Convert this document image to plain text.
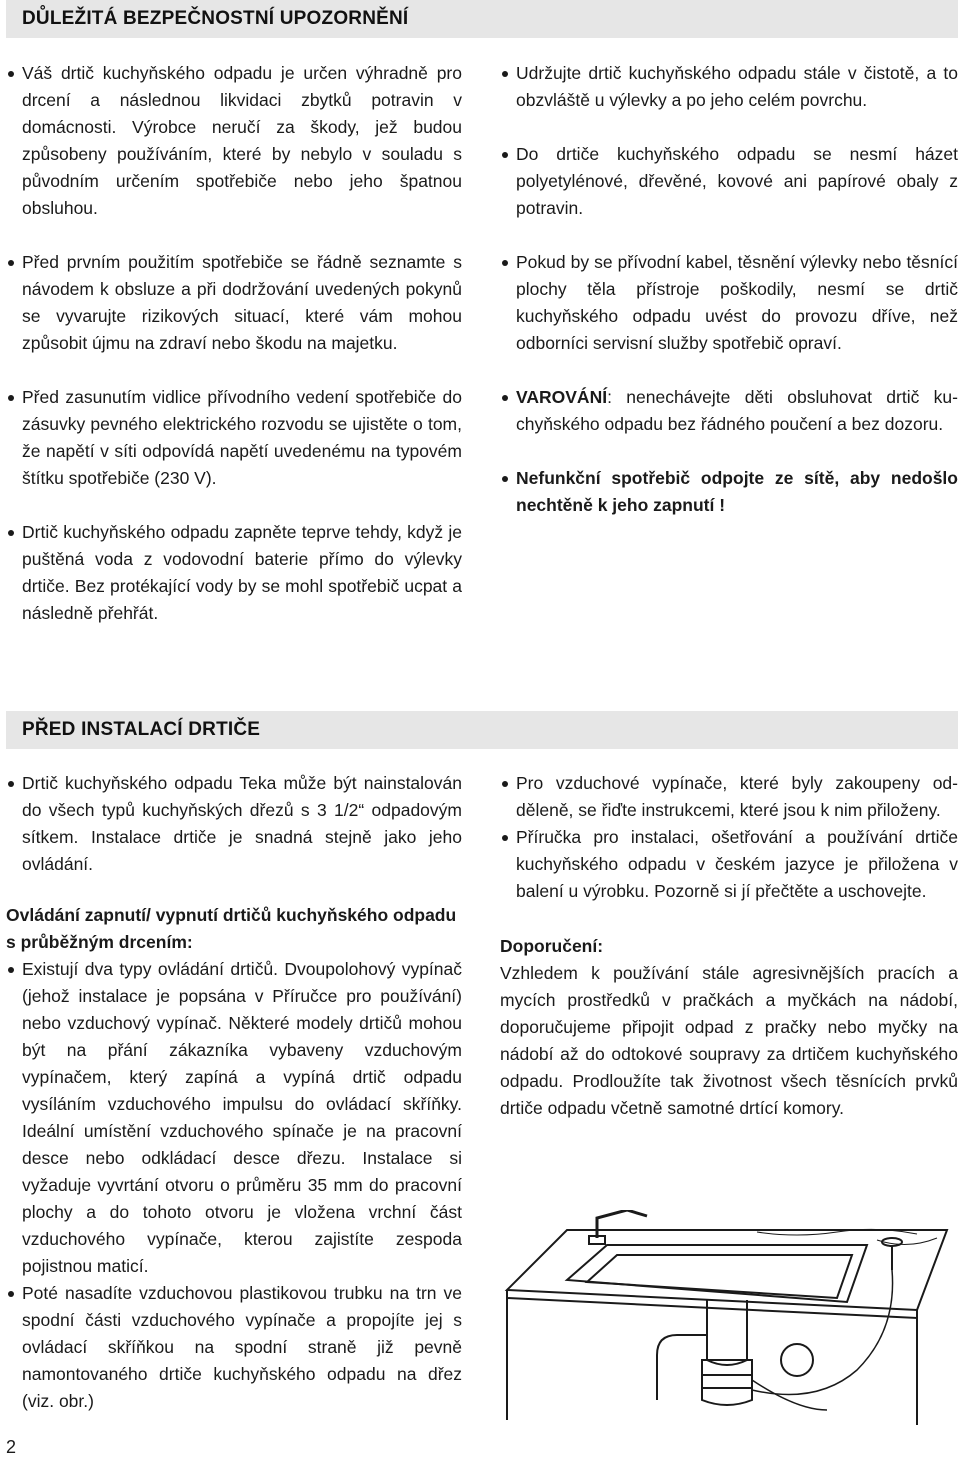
DŮLEŽITÁ BEZPEČNOSTNÍ UPOZORNĚNÍ
Váš drtič kuchyňského odpadu je určen výhradně pro drcení a následnou likvidaci zbytků potravin v domácnosti. Výrobce neručí za škody, jež budou způsobeny používáním, které by nebylo v souladu s původním určením spotřebiče nebo jeho špatnou obsluhou.
Před prvním použitím spotřebiče se řádně seznamte s návodem k obsluze a při dodržování uvedených pokynů se vyvarujte rizikových situací, které vám mohou způsobit újmu na zdraví nebo škodu na majetku.
Před zasunutím vidlice přívodního vedení spotřebiče do zásuvky pevného elektrického rozvodu se ujistěte o tom, že napětí v síti odpovídá napětí uvedenému na typovém štítku spotřebiče (230 V).
Drtič kuchyňského odpadu zapněte teprve tehdy, když je puštěná voda z vodovodní baterie přímo do výlevky drtiče. Bez protékající vody by se mohl spotřebič ucpat a následně přehřát.
Udržujte drtič kuchyňského odpadu stále v čistotě, a to obzvláště u výlevky a po jeho celém povrchu.
Do drtiče kuchyňského odpadu se nesmí házet polyetylénové, dřevěné, kovové ani papírové obaly z potravin.
Pokud by se přívodní kabel, těsnění výlevky nebo těsnící plochy těla přístroje poškodily, nesmí se drtič kuchyňského odpadu uvést do provozu dříve, než odborníci servisní služby spotřebič opraví.
VAROVÁNÍ: nenechávejte děti obsluhovat drtič kuchyňského odpadu bez řádného poučení a bez dozoru.
Nefunkční spotřebič odpojte ze sítě, aby nedošlo nechtěně k jeho zapnutí !
PŘED INSTALACÍ DRTIČE
Drtič kuchyňského odpadu Teka může být nainstalován do všech typů kuchyňských dřezů s 3 1/2“ odpadovým sítkem. Instalace drtiče je snadná stejně jako jeho ovládání.

Ovládání zapnutí/ vypnutí drtičů kuchyňského odpadu s průběžným drcením:

Existují dva typy ovládání drtičů. Dvoupolohový vypínač (jehož instalace je popsána v Příručce pro používání) nebo vzduchový vypínač. Některé modely drtičů mohou být na přání zákazníka vybaveny vzduchovým vypínačem, který zapíná a vypíná drtič odpadu vysíláním vzduchového impulsu do ovládací skříňky. Ideální umístění vzduchového spínače je na pracovní desce nebo odkládací desce dřezu. Instalace si vyžaduje vyvrtání otvoru o průměru 35 mm do pracovní plochy a do tohoto otvoru je vložena vrchní část vzduchového vypínače, kterou zajistíte zespoda pojistnou maticí.
Poté nasadíte vzduchovou plastikovou trubku na trn ve spodní části vzduchového vypínače a propojíte jej s ovládací skříňkou na spodní straně již pevně namontovaného drtiče kuchyňského odpadu na dřez (viz. obr.)
Pro vzduchové vypínače, které byly zakoupeny odděleně, se řiďte instrukcemi, které jsou k nim přiloženy.
Příručka pro instalaci, ošetřování a používání drtiče kuchyňského odpadu v českém jazyce je přiložena v balení u výrobku. Pozorně si jí přečtěte a uschovejte.

Doporučení:

Vzhledem k používání stále agresivnějších pracích a mycích prostředků v pračkách a myčkách na nádobí, doporučujeme připojit odpad z pračky nebo myčky na nádobí až do odtokové soupravy za drtičem kuchyňského odpadu. Prodloužíte tak životnost všech těsnících prvků drtiče odpadu včetně samotné drtící komory.

2
